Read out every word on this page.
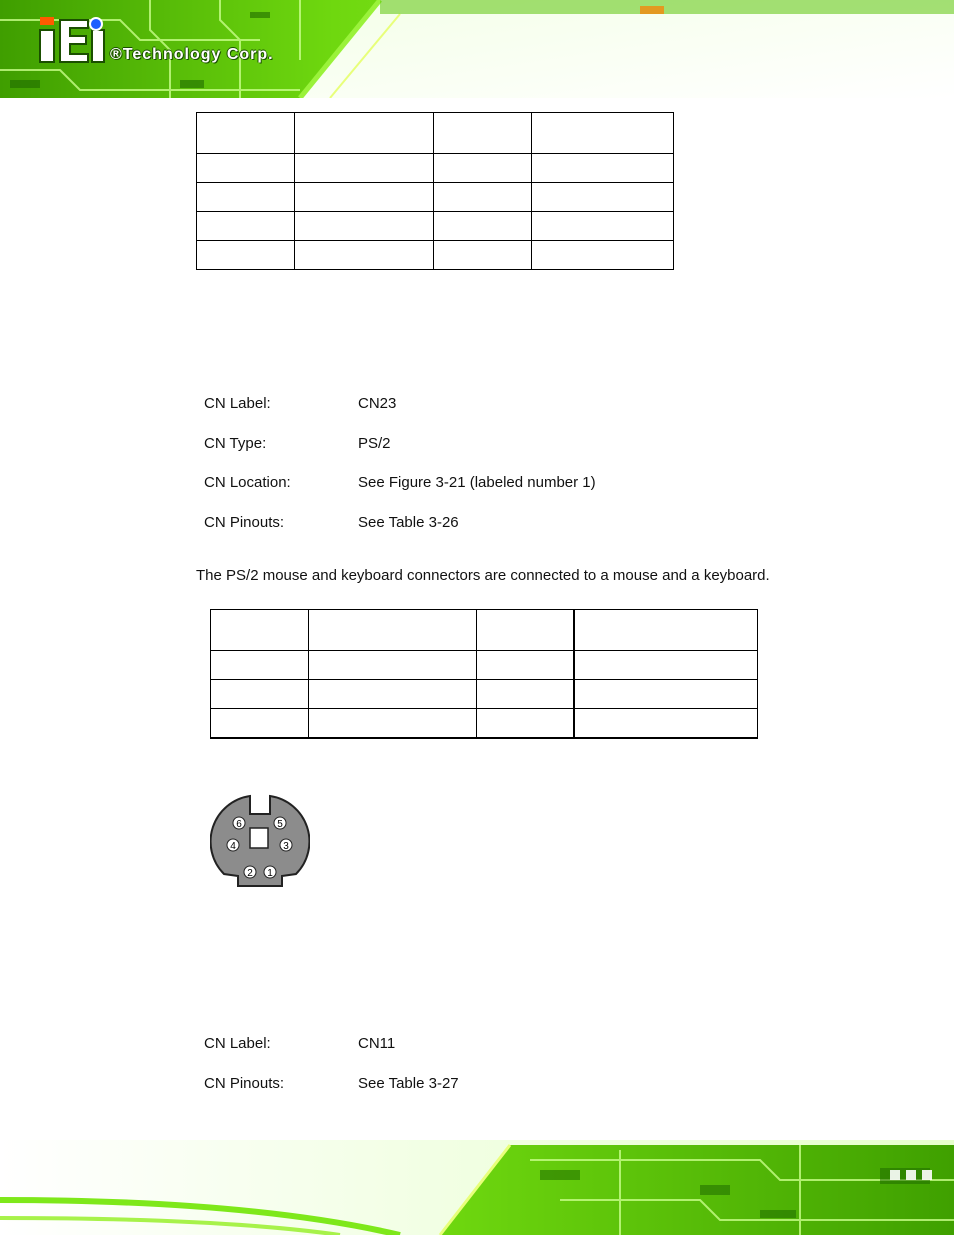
®Technology Corp.

CN Label:	CN23
CN Type:	PS/2
CN Location:	See Figure 3-21 (labeled number 1)
CN Pinouts:	See Table 3-26
The PS/2 mouse and keyboard connectors are connected to a mouse and a keyboard.

6	5
4	3
2 1
CN Label:	CN11
CN Pinouts:	See Table 3-27
